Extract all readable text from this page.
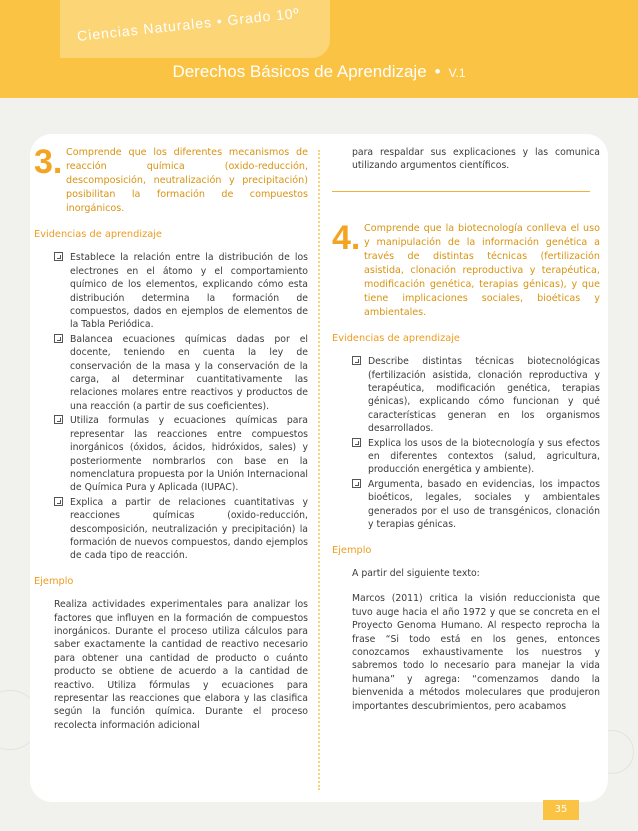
Ciencias Naturales • Grado 10º
Derechos Básicos de Aprendizaje • V.1
3. Comprende que los diferentes mecanismos de reacción química (oxido-reducción, descomposición, neutralización y precipitación) posibilitan la formación de compuestos inorgánicos.
Evidencias de aprendizaje
Establece la relación entre la distribución de los electrones en el átomo y el comportamiento químico de los elementos, explicando cómo esta distribución determina la formación de compuestos, dados en ejemplos de elementos de la Tabla Periódica.
Balancea ecuaciones químicas dadas por el docente, teniendo en cuenta la ley de conservación de la masa y la conservación de la carga, al determinar cuantitativamente las relaciones molares entre reactivos y productos de una reacción (a partir de sus coeficientes).
Utiliza formulas y ecuaciones químicas para representar las reacciones entre compuestos inorgánicos (óxidos, ácidos, hidróxidos, sales) y posteriormente nombrarlos con base en la nomenclatura propuesta por la Unión Internacional de Química Pura y Aplicada (IUPAC).
Explica a partir de relaciones cuantitativas y reacciones químicas (oxido-reducción, descomposición, neutralización y precipitación) la formación de nuevos compuestos, dando ejemplos de cada tipo de reacción.
Ejemplo
Realiza actividades experimentales para analizar los factores que influyen en la formación de compuestos inorgánicos. Durante el proceso utiliza cálculos para saber exactamente la cantidad de reactivo necesario para obtener una cantidad de producto o cuánto producto se obtiene de acuerdo a la cantidad de reactivo. Utiliza fórmulas y ecuaciones para representar las reacciones que elabora y las clasifica según la función química. Durante el proceso recolecta información adicional
para respaldar sus explicaciones y las comunica utilizando argumentos científicos.
4. Comprende que la biotecnología conlleva el uso y manipulación de la información genética a través de distintas técnicas (fertilización asistida, clonación reproductiva y terapéutica, modificación genética, terapias génicas), y que tiene implicaciones sociales, bioéticas y ambientales.
Evidencias de aprendizaje
Describe distintas técnicas biotecnológicas (fertilización asistida, clonación reproductiva y terapéutica, modificación genética, terapias génicas), explicando cómo funcionan y qué características generan en los organismos desarrollados.
Explica los usos de la biotecnología y sus efectos en diferentes contextos (salud, agricultura, producción energética y ambiente).
Argumenta, basado en evidencias, los impactos bioéticos, legales, sociales y ambientales generados por el uso de transgénicos, clonación y terapias génicas.
Ejemplo
A partir del siguiente texto:
Marcos (2011) critica la visión reduccionista que tuvo auge hacia el año 1972 y que se concreta en el Proyecto Genoma Humano. Al respecto reprocha la frase “Si todo está en los genes, entonces conozcamos exhaustivamente los nuestros y sabremos todo lo necesario para manejar la vida humana” y agrega: “comenzamos dando la bienvenida a métodos moleculares que produjeron importantes descubrimientos, pero acabamos
35
